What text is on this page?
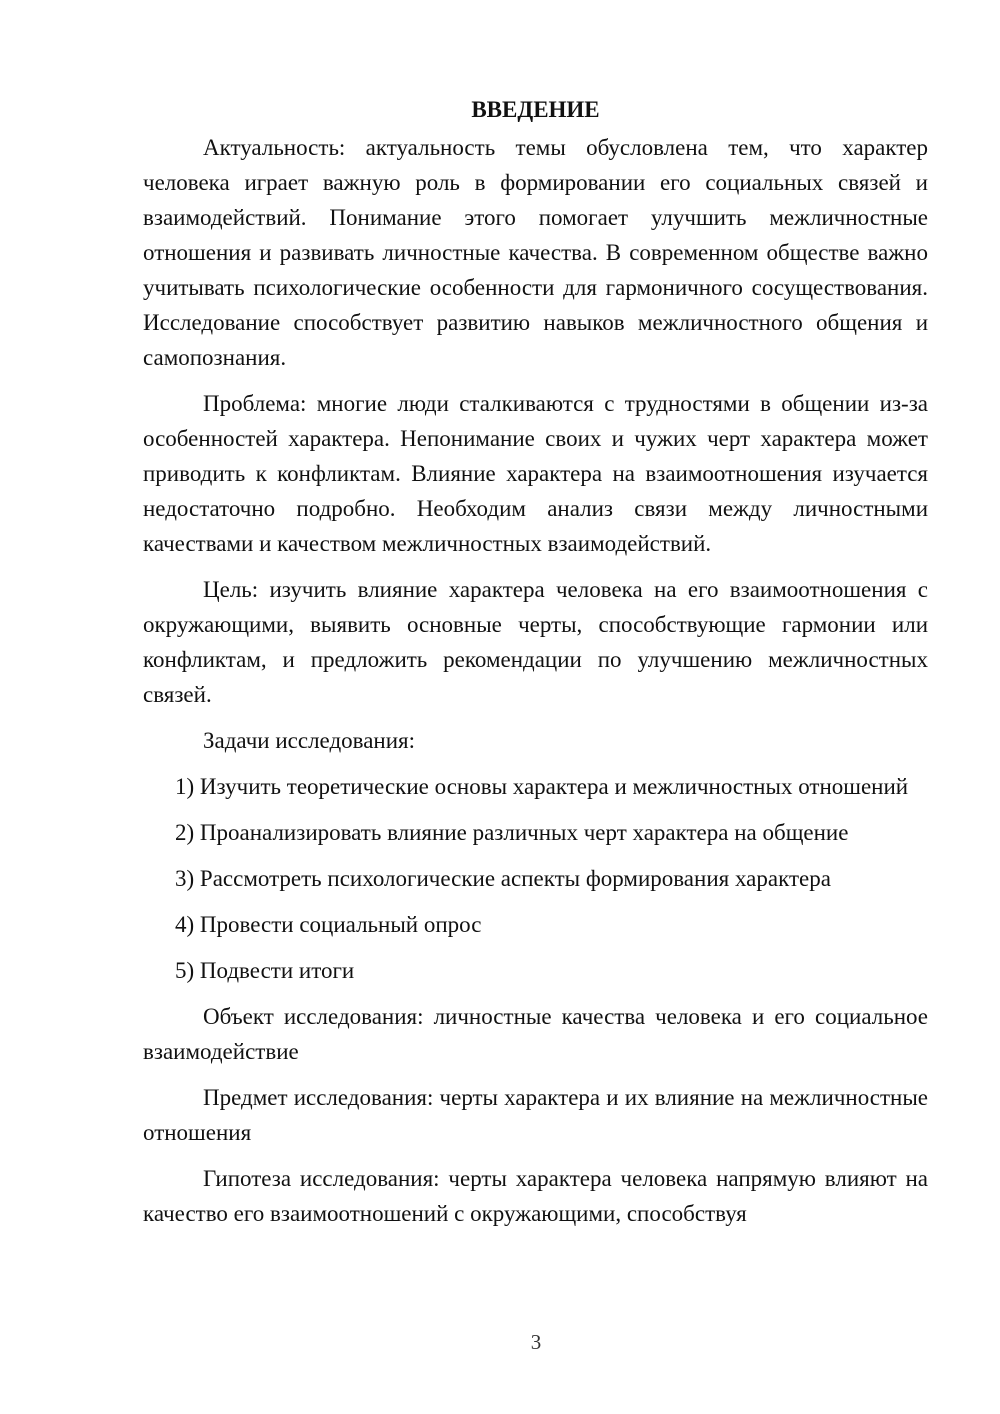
ВВЕДЕНИЕ

Актуальность: актуальность темы обусловлена тем, что характер человека играет важную роль в формировании его социальных связей и взаимодействий. Понимание этого помогает улучшить межличностные отношения и развивать личностные качества. В современном обществе важно учитывать психологические особенности для гармоничного сосуществования. Исследование способствует развитию навыков межличностного общения и самопознания.

Проблема: многие люди сталкиваются с трудностями в общении из-за особенностей характера. Непонимание своих и чужих черт характера может приводить к конфликтам. Влияние характера на взаимоотношения изучается недостаточно подробно. Необходим анализ связи между личностными качествами и качеством межличностных взаимодействий.

Цель: изучить влияние характера человека на его взаимоотношения с окружающими, выявить основные черты, способствующие гармонии или конфликтам, и предложить рекомендации по улучшению межличностных связей.

Задачи исследования:

1) Изучить теоретические основы характера и межличностных отношений

2) Проанализировать влияние различных черт характера на общение

3) Рассмотреть психологические аспекты формирования характера

4) Провести социальный опрос

5) Подвести итоги

Объект исследования: личностные качества человека и его социальное взаимодействие

Предмет исследования: черты характера и их влияние на межличностные отношения

Гипотеза исследования: черты характера человека напрямую влияют на качество его взаимоотношений с окружающими, способствуя

3
